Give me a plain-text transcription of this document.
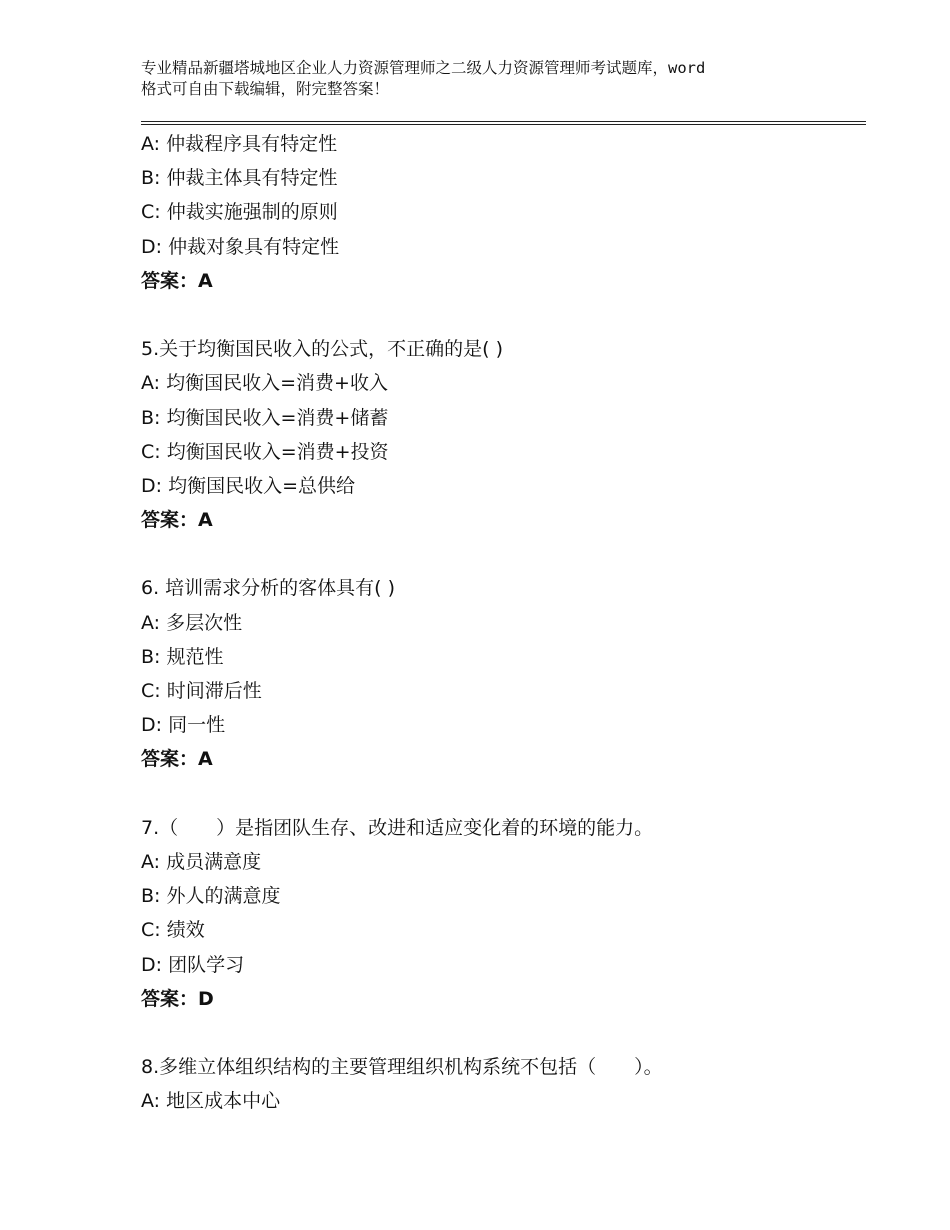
专业精品新疆塔城地区企业人力资源管理师之二级人力资源管理师考试题库，word
格式可自由下载编辑，附完整答案！
A: 仲裁程序具有特定性
B: 仲裁主体具有特定性
C: 仲裁实施强制的原则
D: 仲裁对象具有特定性
答案：A
5.关于均衡国民收入的公式，不正确的是( )
A: 均衡国民收入=消费+收入
B: 均衡国民收入=消费+储蓄
C: 均衡国民收入=消费+投资
D: 均衡国民收入=总供给
答案：A
6. 培训需求分析的客体具有( )
A: 多层次性
B: 规范性
C: 时间滞后性
D: 同一性
答案：A
7.（　　）是指团队生存、改进和适应变化着的环境的能力。
A: 成员满意度
B: 外人的满意度
C: 绩效
D: 团队学习
答案：D
8.多维立体组织结构的主要管理组织机构系统不包括（　　）。
A: 地区成本中心
